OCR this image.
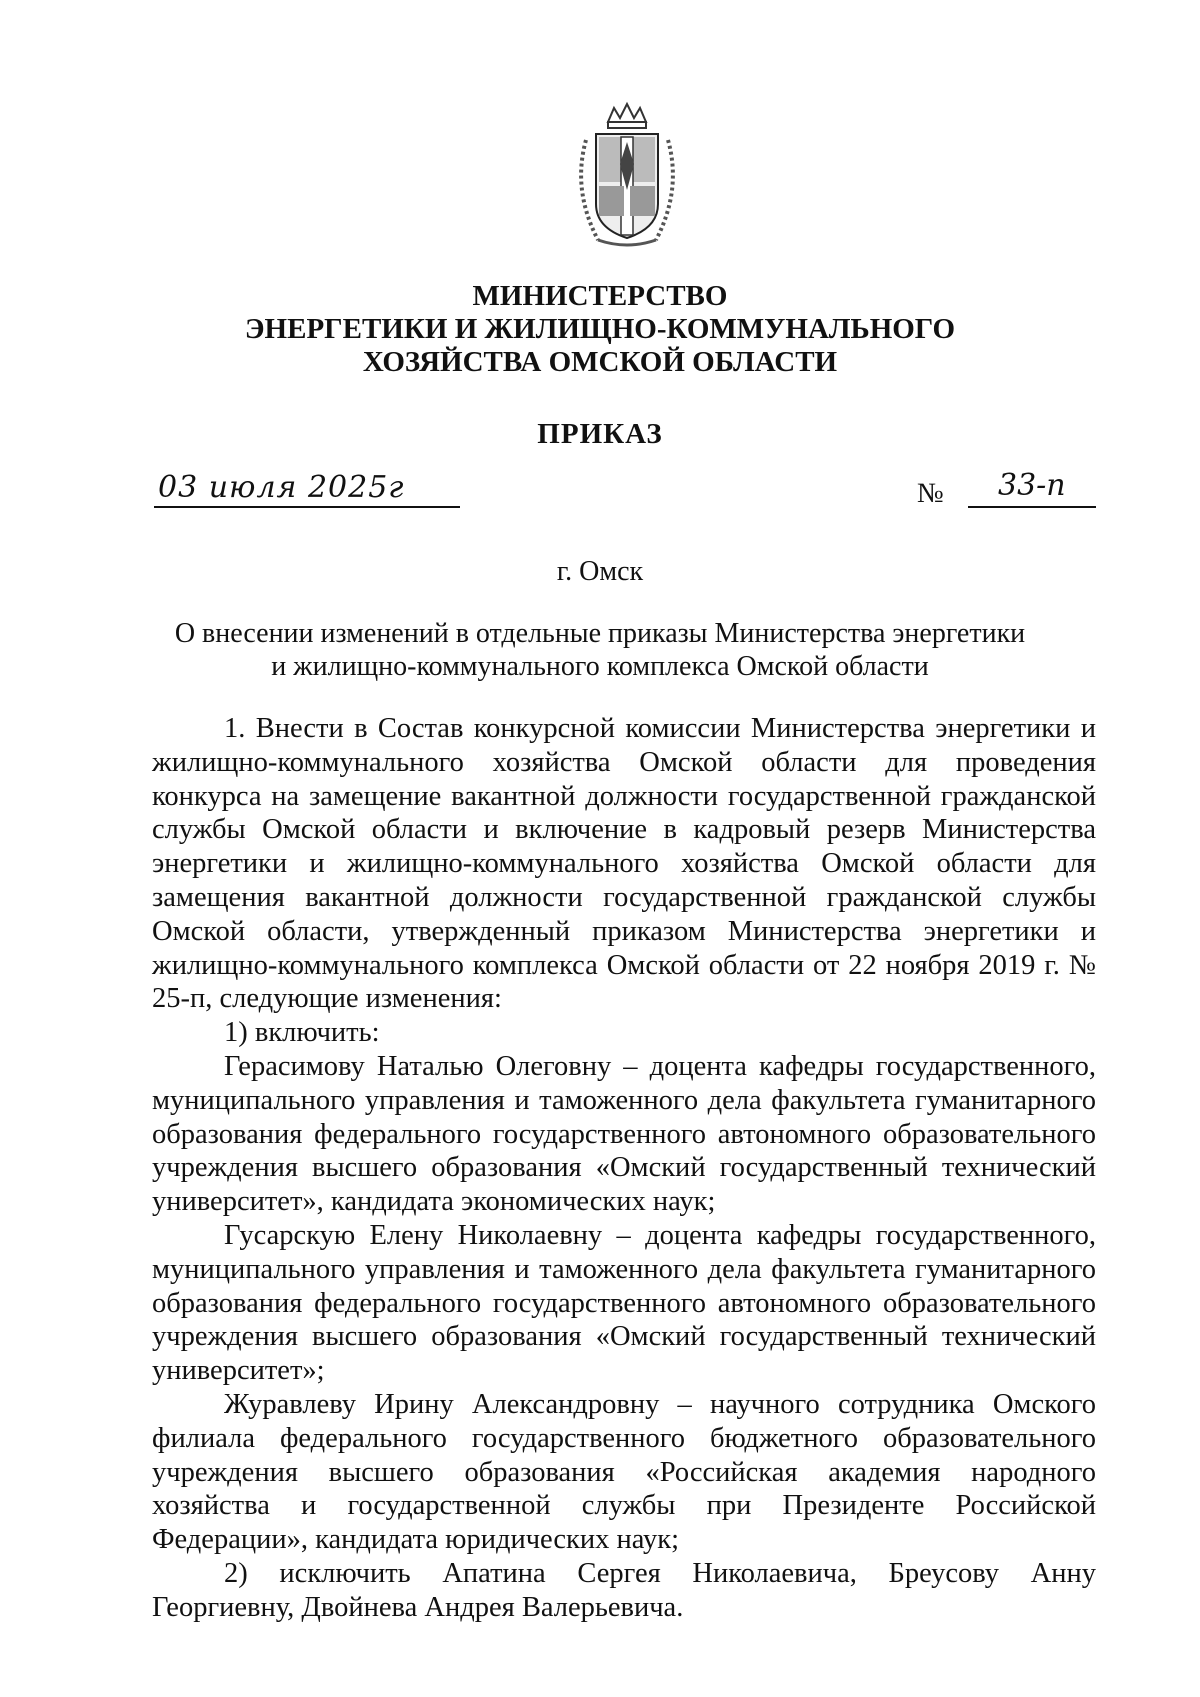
МИНИСТЕРСТВО
ЭНЕРГЕТИКИ И ЖИЛИЩНО-КОММУНАЛЬНОГО
ХОЗЯЙСТВА ОМСКОЙ ОБЛАСТИ
ПРИКАЗ
03 июля 2025г	№ 33-п
г. Омск
О внесении изменений в отдельные приказы Министерства энергетики
и жилищно-коммунального комплекса Омской области

1. Внести в Состав конкурсной комиссии Министерства энергетики и жилищно-коммунального хозяйства Омской области для проведения конкурса на замещение вакантной должности государственной гражданской службы Омской области и включение в кадровый резерв Министерства энергетики и жилищно-коммунального хозяйства Омской области для замещения вакантной должности государственной гражданской службы Омской области, утвержденный приказом Министерства энергетики и жилищно-коммунального комплекса Омской области от 22 ноября 2019 г. № 25-п, следующие изменения:

1) включить:

Герасимову Наталью Олеговну – доцента кафедры государственного, муниципального управления и таможенного дела факультета гуманитарного образования федерального государственного автономного образовательного учреждения высшего образования «Омский государственный технический университет», кандидата экономических наук;

Гусарскую Елену Николаевну – доцента кафедры государственного, муниципального управления и таможенного дела факультета гуманитарного образования федерального государственного автономного образовательного учреждения высшего образования «Омский государственный технический университет»;

Журавлеву Ирину Александровну – научного сотрудника Омского филиала федерального государственного бюджетного образовательного учреждения высшего образования «Российская академия народного хозяйства и государственной службы при Президенте Российской Федерации», кандидата юридических наук;

2) исключить Апатина Сергея Николаевича, Бреусову Анну Георгиевну, Двойнева Андрея Валерьевича.
